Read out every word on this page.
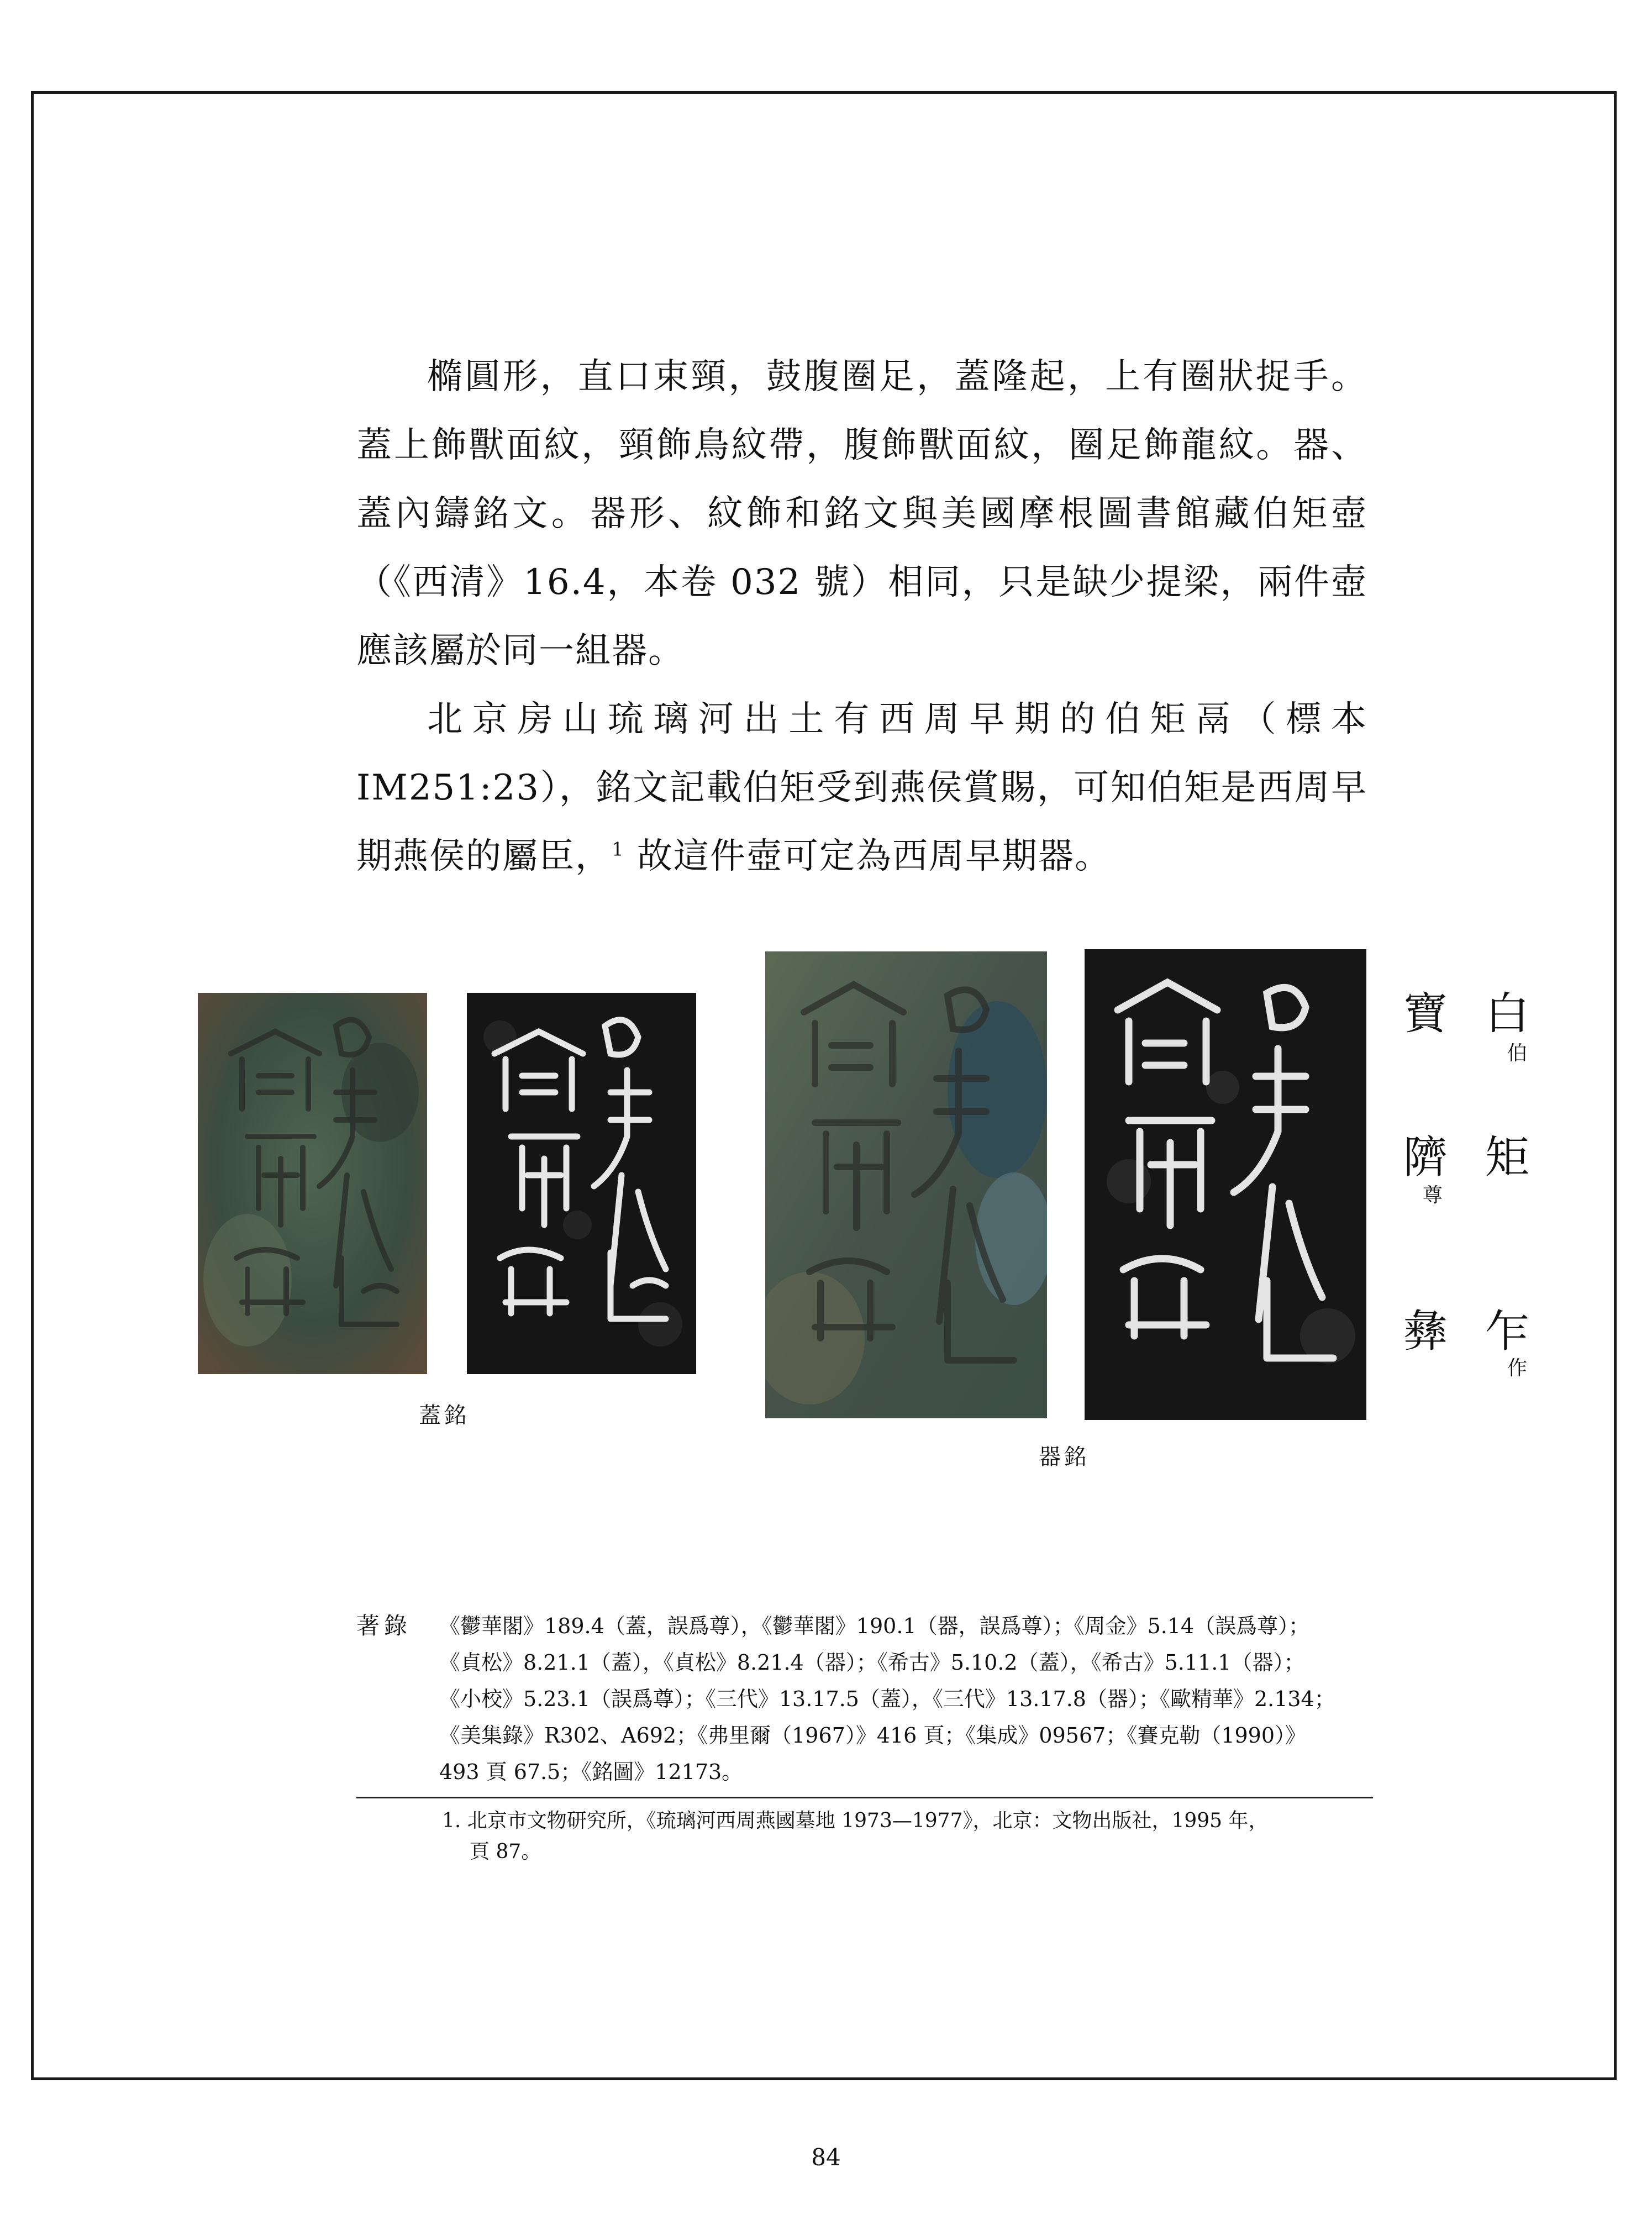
橢圓形，直口束頸，鼓腹圈足，蓋隆起，上有圈狀捉手。蓋上飾獸面紋，頸飾鳥紋帶，腹飾獸面紋，圈足飾龍紋。器、蓋內鑄銘文。器形、紋飾和銘文與美國摩根圖書館藏伯矩壺（《西清》16.4，本卷 032 號）相同，只是缺少提梁，兩件壺應該屬於同一組器。

北京房山琉璃河出土有西周早期的伯矩鬲（標本 IM251:23），銘文記載伯矩受到燕侯賞賜，可知伯矩是西周早期燕侯的屬臣，$^1$ 故這件壺可定為西周早期器。

蓋銘
器銘
白
伯
矩
乍
作
寶
隮
尊
彝
著錄 《鬱華閣》189.4（蓋，誤爲尊），《鬱華閣》190.1（器，誤爲尊）；《周金》5.14（誤爲尊）；
《貞松》8.21.1（蓋），《貞松》8.21.4（器）；《希古》5.10.2（蓋），《希古》5.11.1（器）；
《小校》5.23.1（誤爲尊）；《三代》13.17.5（蓋），《三代》13.17.8（器）；《歐精華》2.134；
《美集錄》R302、A692；《弗里爾（1967）》416 頁；《集成》09567；《賽克勒（1990）》
493 頁 67.5；《銘圖》12173。
1. 北京市文物研究所，《琉璃河西周燕國墓地 1973—1977》，北京：文物出版社，1995 年，
頁 87。
84
